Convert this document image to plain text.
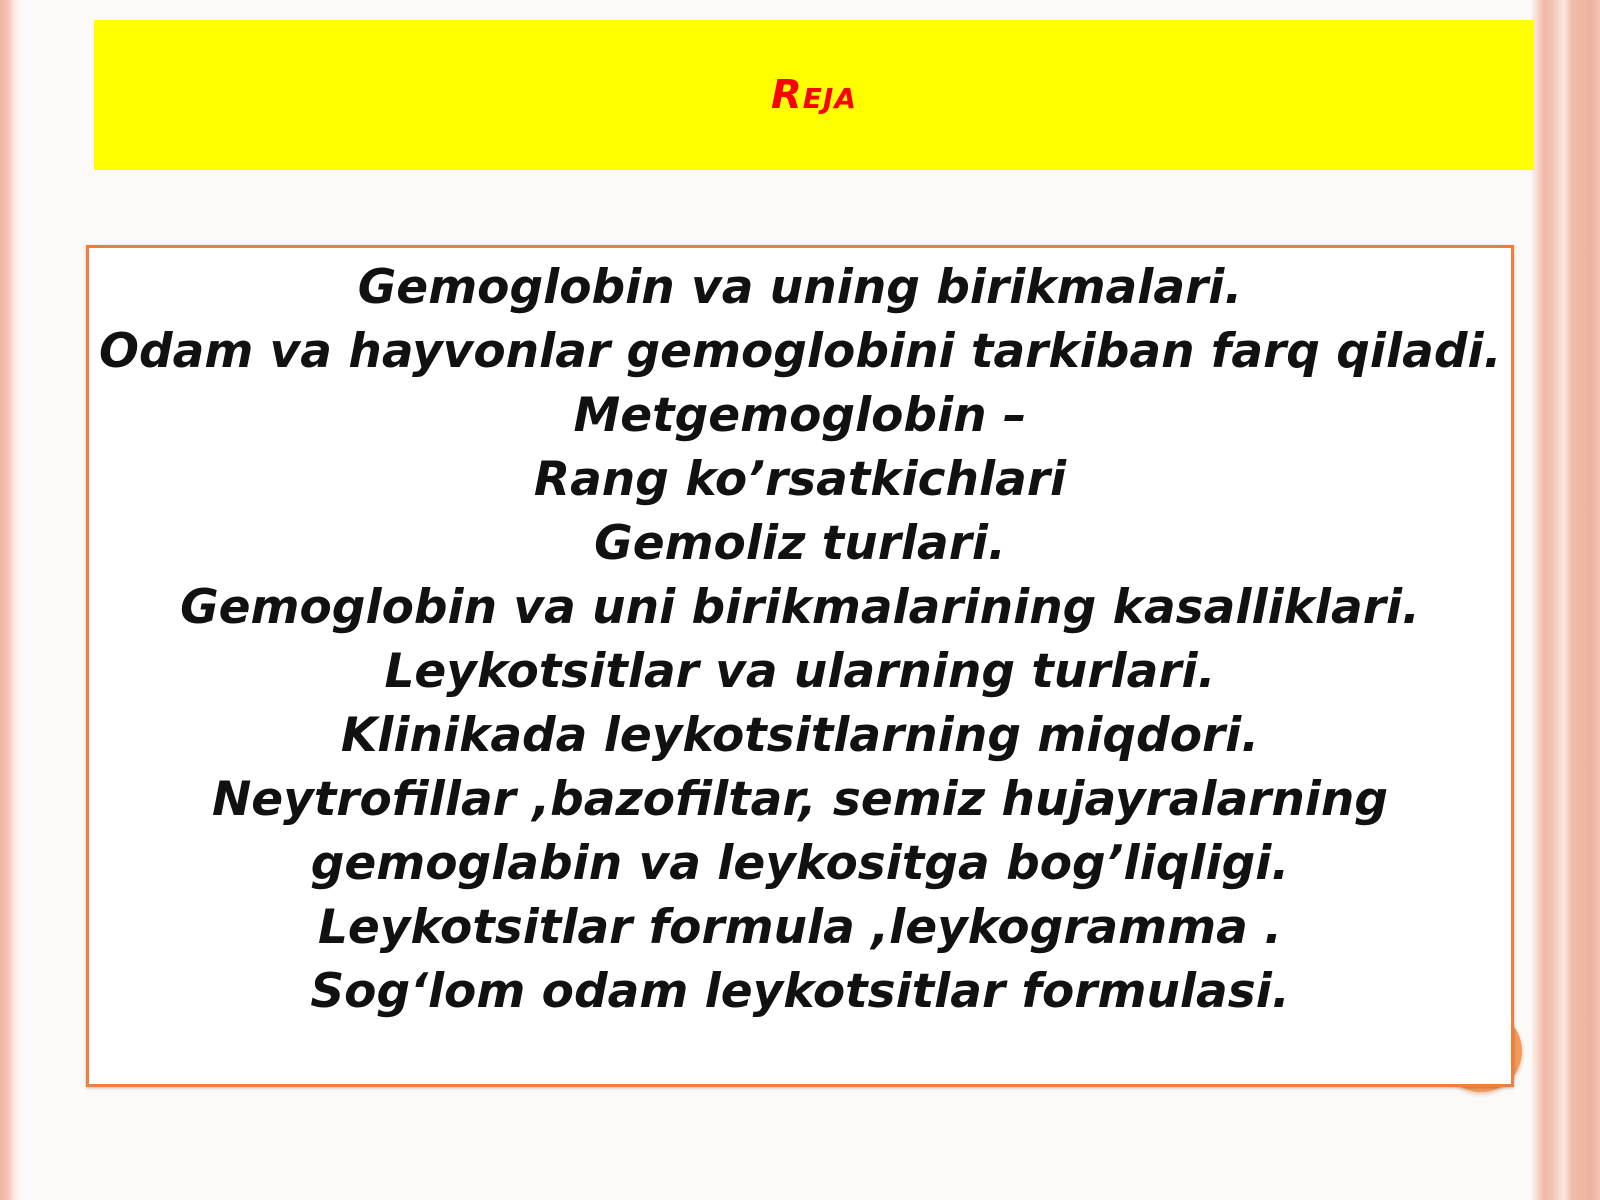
Reja
Gemoglobin va uning birikmalari.
Odam va hayvonlar gemoglobini tarkiban farq qiladi.
Metgemoglobin –
Rang ko’rsatkichlari
Gemoliz turlari.
Gemoglobin va uni birikmalarining kasalliklari.
Leykotsitlar va ularning turlari.
Klinikada leykotsitlarning miqdori.
Neytrofillar ,bazofiltar, semiz hujayralarning
gemoglabin va leykositga bog’liqligi.
Leykotsitlar formula ,leykogramma .
Sog‘lom odam leykotsitlar formulasi.
